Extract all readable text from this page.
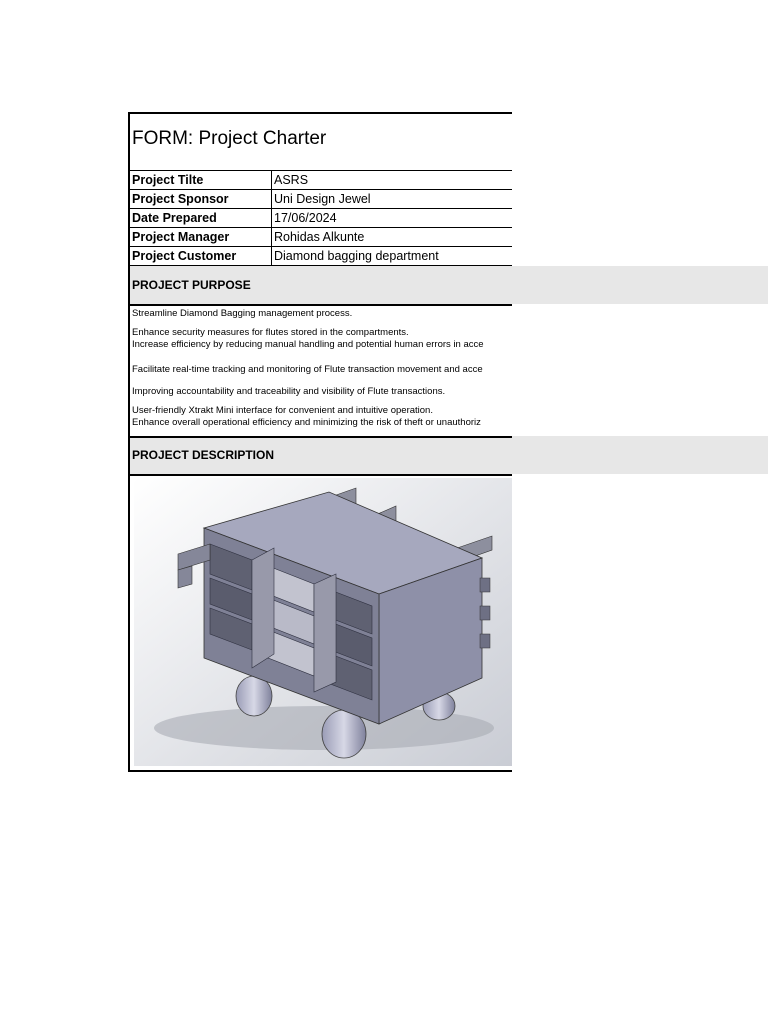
FORM: Project Charter
Project Tilte	ASRS
Project Sponsor	Uni Design Jewel
Date Prepared	17/06/2024
Project Manager	Rohidas Alkunte
Project Customer	Diamond bagging department
PROJECT PURPOSE
Streamline Diamond Bagging management process.
Enhance security measures for flutes stored in the compartments.
Increase efficiency by reducing manual handling and potential human errors in acce
Facilitate real-time tracking and monitoring of Flute transaction movement and acce
Improving accountability and traceability and visibility of Flute transactions.
User-friendly Xtrakt Mini interface for convenient and intuitive operation.
Enhance overall operational efficiency and minimizing the risk of theft or unauthoriz
PROJECT DESCRIPTION
